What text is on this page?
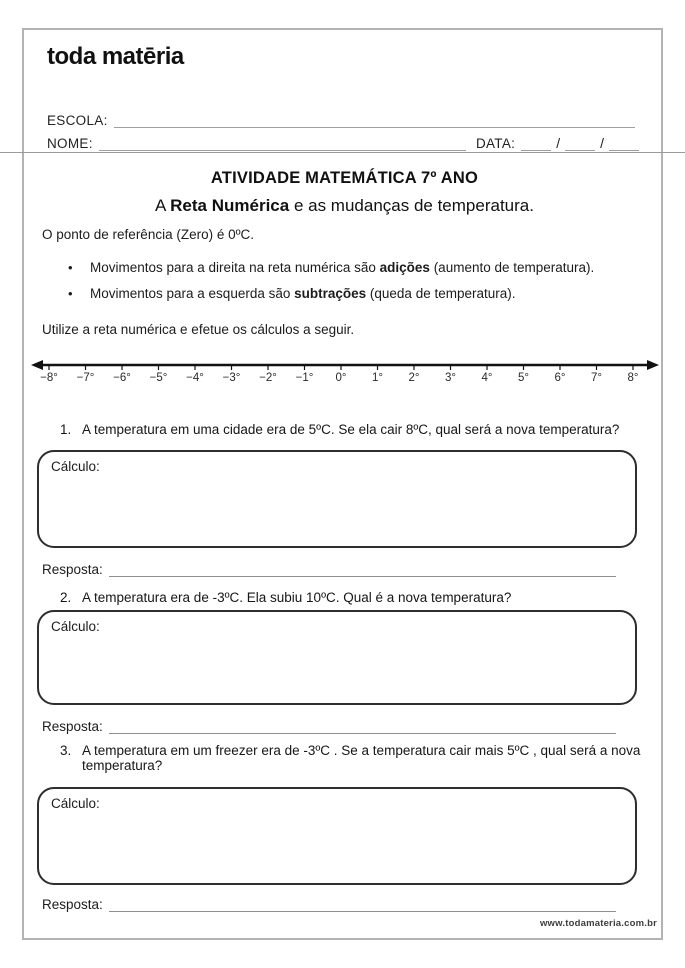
toda matēria
ESCOLA:
NOME:	DATA:	/	/
ATIVIDADE MATEMÁTICA 7º ANO
A Reta Numérica e as mudanças de temperatura.
O ponto de referência (Zero) é 0ºC.
•	Movimentos para a direita na reta numérica são adições (aumento de temperatura).
•	Movimentos para a esquerda são subtrações (queda de temperatura).
Utilize a reta numérica e efetue os cálculos a seguir.
−8° −7° −6° −5° −4° −3° −2° −1° 0° 1° 2° 3° 4° 5° 6° 7° 8°
1. A temperatura em uma cidade era de 5ºC. Se ela cair 8ºC, qual será a nova temperatura?
Cálculo:
Resposta:
2. A temperatura era de -3ºC. Ela subiu 10ºC. Qual é a nova temperatura?
Cálculo:
Resposta:
3. A temperatura em um freezer era de -3ºC . Se a temperatura cair mais 5ºC , qual será a nova temperatura?
Cálculo:
Resposta:
www.todamateria.com.br
